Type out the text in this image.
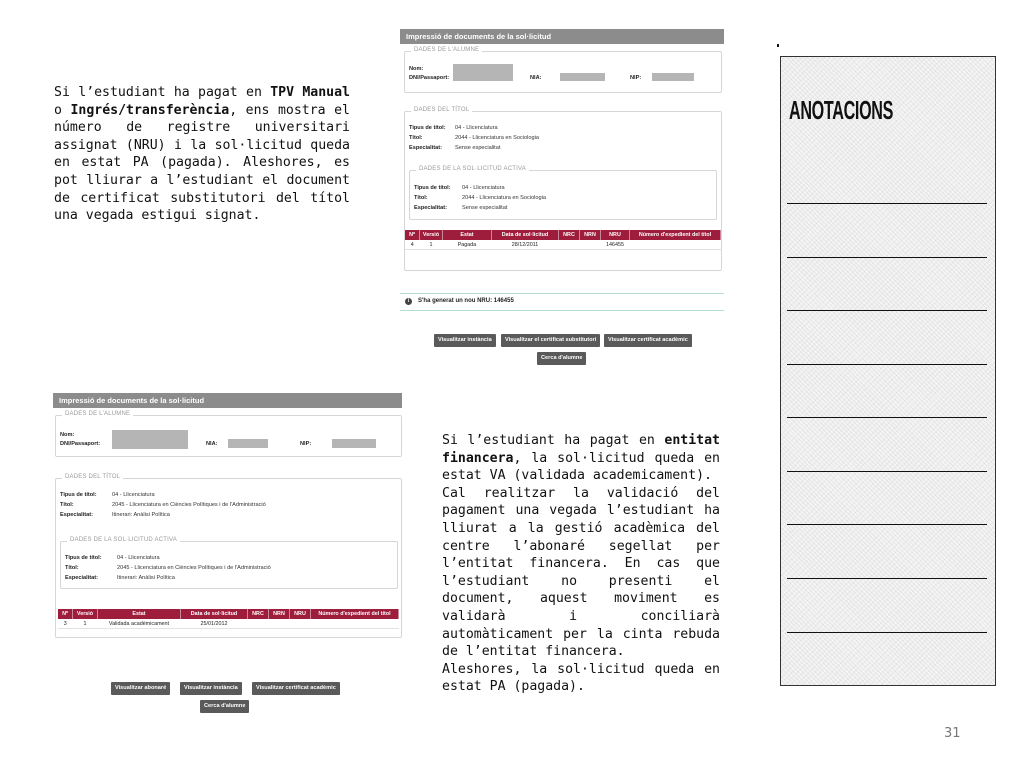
Si l’estudiant ha pagat en TPV Manual o Ingrés/transferència, ens mostra el número de registre universitari assignat (NRU) i la sol·licitud queda en estat PA (pagada). Aleshores, es pot lliurar a l’estudiant el document de certificat substitutori del títol una vegada estigui signat.

Impressió de documents de la sol·licitud
DADES DE L'ALUMNE
Nom:
DNI/Passaport:	NIA:	NIP:
DADES DEL TÍTOL
Tipus de títol: 04 - Llicenciatura
Títol:	2044 - Llicenciatura en Sociologia
Especialitat: Sense especialitat
DADES DE LA SOL·LICITUD ACTIVA
Tipus de títol: 04 - Llicenciatura
Títol:	2044 - Llicenciatura en Sociologia
Especialitat:	Sense especialitat
Nº	Versió	Estat	Data de sol·licitud	NRC	NRN	NRU	Número d'expedient del títol
4	1	Pagada	28/12/2011			146455	
i	S'ha generat un nou NRU: 146455
Visualitzar instància	Visualitzar el certificat substitutori	Visualitzar certificat acadèmic
Cerca d'alumne
Impressió de documents de la sol·licitud
DADES DE L'ALUMNE
Nom:
DNI/Passaport:	NIA:	NIP:
DADES DEL TÍTOL
Tipus de títol:	04 - Llicenciatura
Títol:	2045 - Llicenciatura en Ciències Polítiques i de l'Administració
Especialitat:	Itinerari: Anàlisi Política
DADES DE LA SOL·LICITUD ACTIVA
Tipus de títol:	04 - Llicenciatura
Títol:	2045 - Llicenciatura en Ciències Polítiques i de l'Administració
Especialitat:	Itinerari: Anàlisi Política
Nº	Versió	Estat	Data de sol·licitud	NRC	NRN	NRU	Número d'expedient del títol
3	1	Validada acadèmicament	25/01/2012				
Visualitzar abonaré	Visualitzar instància	Visualitzar certificat acadèmic
Cerca d'alumne

Si l’estudiant ha pagat en entitat financera, la sol·licitud queda en estat VA (validada academicament).

Cal realitzar la validació del pagament una vegada l’estudiant ha lliurat a la gestió acadèmica del centre l’abonaré segellat per l’entitat financera. En cas que l’estudiant no presenti el document, aquest moviment es validarà i conciliarà automàticament per la cinta rebuda de l’entitat financera.

Aleshores, la sol·licitud queda en estat PA (pagada).

ANOTACIONS
31
